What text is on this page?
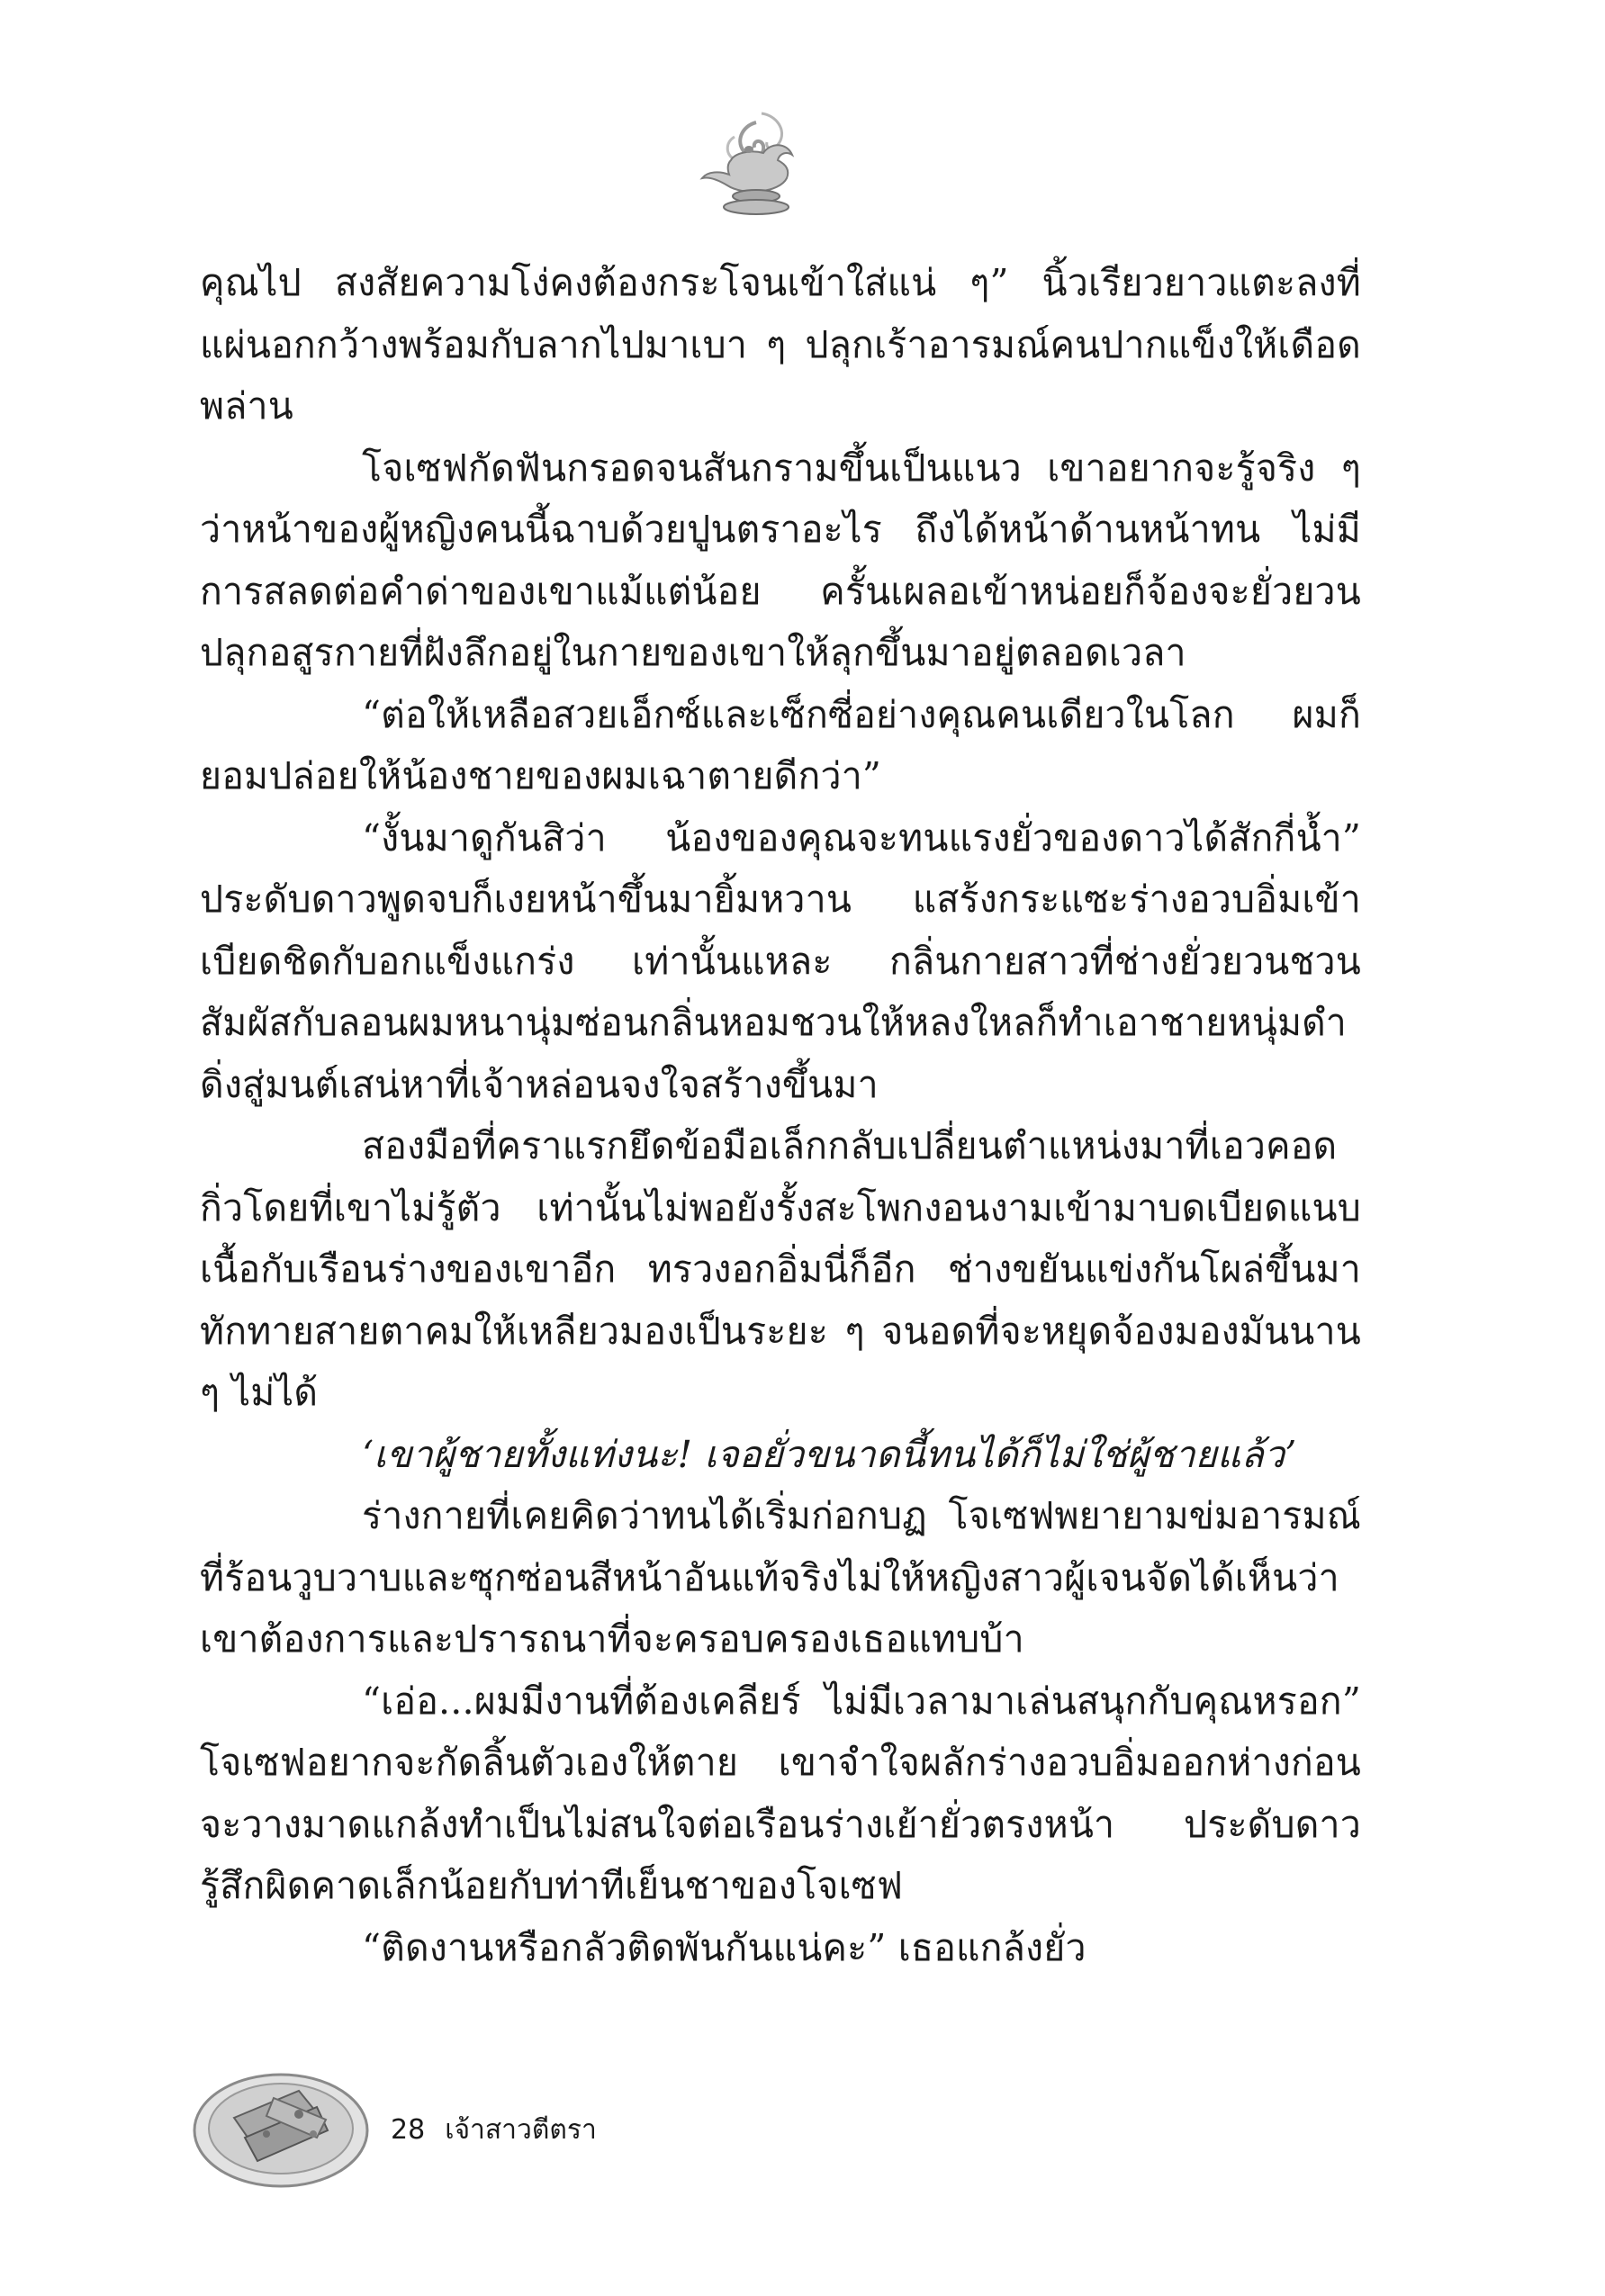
คุณไป สงสัยความโง่คงต้องกระโจนเข้าใส่แน่ ๆ” นิ้วเรียวยาวแตะลงที่แผ่นอกกว้างพร้อมกับลากไปมาเบา ๆ ปลุกเร้าอารมณ์คนปากแข็งให้เดือดพล่าน

โจเซฟกัดฟันกรอดจนสันกรามขึ้นเป็นแนว เขาอยากจะรู้จริง ๆ ว่าหน้าของผู้หญิงคนนี้ฉาบด้วยปูนตราอะไร ถึงได้หน้าด้านหน้าทน ไม่มีการสลดต่อคำด่าของเขาแม้แต่น้อย ครั้นเผลอเข้าหน่อยก็จ้องจะยั่วยวนปลุกอสูรกายที่ฝังลึกอยู่ในกายของเขาให้ลุกขึ้นมาอยู่ตลอดเวลา

“ต่อให้เหลือสวยเอ็กซ์และเซ็กซี่อย่างคุณคนเดียวในโลก ผมก็ยอมปล่อยให้น้องชายของผมเฉาตายดีกว่า”

“งั้นมาดูกันสิว่า น้องของคุณจะทนแรงยั่วของดาวได้สักกี่น้ำ” ประดับดาวพูดจบก็เงยหน้าขึ้นมายิ้มหวาน แสร้งกระแซะร่างอวบอิ่มเข้าเบียดชิดกับอกแข็งแกร่ง เท่านั้นแหละ กลิ่นกายสาวที่ช่างยั่วยวนชวนสัมผัสกับลอนผมหนานุ่มซ่อนกลิ่นหอมชวนให้หลงใหลก็ทำเอาชายหนุ่มดำดิ่งสู่มนต์เสน่หาที่เจ้าหล่อนจงใจสร้างขึ้นมา

สองมือที่คราแรกยึดข้อมือเล็กกลับเปลี่ยนตำแหน่งมาที่เอวคอดกิ่วโดยที่เขาไม่รู้ตัว เท่านั้นไม่พอยังรั้งสะโพกงอนงามเข้ามาบดเบียดแนบเนื้อกับเรือนร่างของเขาอีก ทรวงอกอิ่มนี่ก็อีก ช่างขยันแข่งกันโผล่ขึ้นมาทักทายสายตาคมให้เหลียวมองเป็นระยะ ๆ จนอดที่จะหยุดจ้องมองมันนาน ๆ ไม่ได้

‘เขาผู้ชายทั้งแท่งนะ! เจอยั่วขนาดนี้ทนได้ก็ไม่ใช่ผู้ชายแล้ว’

ร่างกายที่เคยคิดว่าทนได้เริ่มก่อกบฏ โจเซฟพยายามข่มอารมณ์ที่ร้อนวูบวาบและซุกซ่อนสีหน้าอันแท้จริงไม่ให้หญิงสาวผู้เจนจัดได้เห็นว่า เขาต้องการและปรารถนาที่จะครอบครองเธอแทบบ้า

“เอ่อ...ผมมีงานที่ต้องเคลียร์ ไม่มีเวลามาเล่นสนุกกับคุณหรอก” โจเซฟอยากจะกัดลิ้นตัวเองให้ตาย เขาจำใจผลักร่างอวบอิ่มออกห่างก่อนจะวางมาดแกล้งทำเป็นไม่สนใจต่อเรือนร่างเย้ายั่วตรงหน้า ประดับดาวรู้สึกผิดคาดเล็กน้อยกับท่าทีเย็นชาของโจเซฟ

“ติดงานหรือกลัวติดพันกันแน่คะ” เธอแกล้งยั่ว

28 เจ้าสาวตีตรา
